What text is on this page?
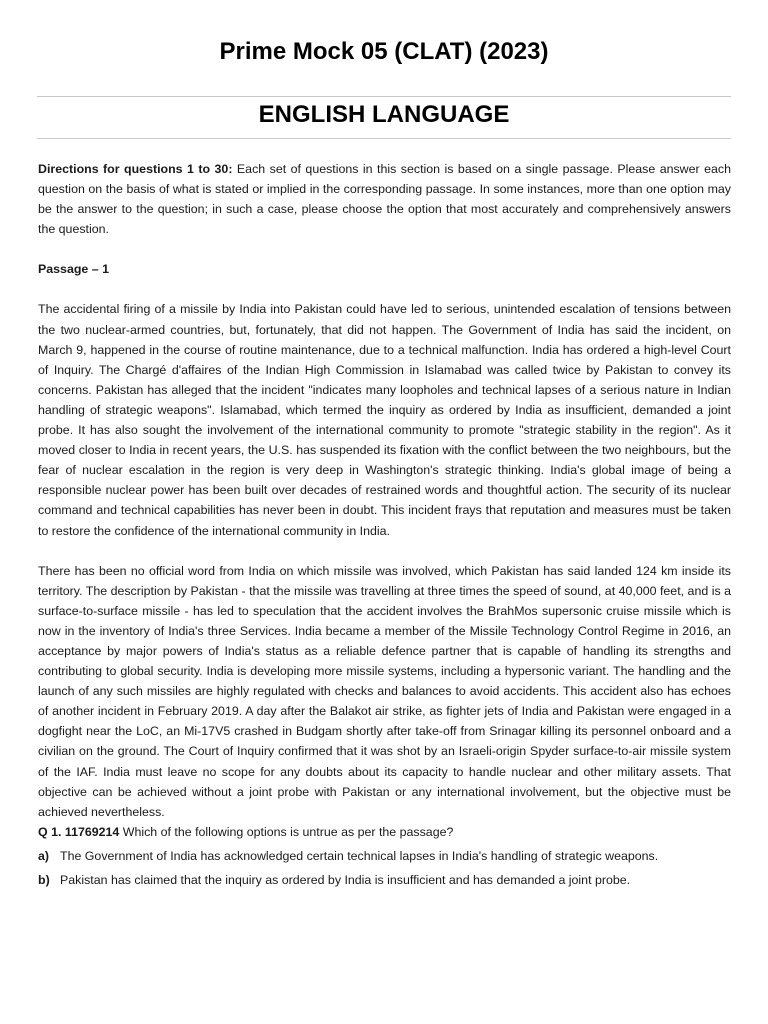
Prime Mock 05 (CLAT) (2023)
ENGLISH LANGUAGE

Directions for questions 1 to 30: Each set of questions in this section is based on a single passage. Please answer each question on the basis of what is stated or implied in the corresponding passage. In some instances, more than one option may be the answer to the question; in such a case, please choose the option that most accurately and comprehensively answers the question.

Passage – 1

The accidental firing of a missile by India into Pakistan could have led to serious, unintended escalation of tensions between the two nuclear-armed countries, but, fortunately, that did not happen. The Government of India has said the incident, on March 9, happened in the course of routine maintenance, due to a technical malfunction. India has ordered a high-level Court of Inquiry. The Chargé d'affaires of the Indian High Commission in Islamabad was called twice by Pakistan to convey its concerns. Pakistan has alleged that the incident "indicates many loopholes and technical lapses of a serious nature in Indian handling of strategic weapons". Islamabad, which termed the inquiry as ordered by India as insufficient, demanded a joint probe. It has also sought the involvement of the international community to promote "strategic stability in the region". As it moved closer to India in recent years, the U.S. has suspended its fixation with the conflict between the two neighbours, but the fear of nuclear escalation in the region is very deep in Washington's strategic thinking. India's global image of being a responsible nuclear power has been built over decades of restrained words and thoughtful action. The security of its nuclear command and technical capabilities has never been in doubt. This incident frays that reputation and measures must be taken to restore the confidence of the international community in India.

There has been no official word from India on which missile was involved, which Pakistan has said landed 124 km inside its territory. The description by Pakistan - that the missile was travelling at three times the speed of sound, at 40,000 feet, and is a surface-to-surface missile - has led to speculation that the accident involves the BrahMos supersonic cruise missile which is now in the inventory of India's three Services. India became a member of the Missile Technology Control Regime in 2016, an acceptance by major powers of India's status as a reliable defence partner that is capable of handling its strengths and contributing to global security. India is developing more missile systems, including a hypersonic variant. The handling and the launch of any such missiles are highly regulated with checks and balances to avoid accidents. This accident also has echoes of another incident in February 2019. A day after the Balakot air strike, as fighter jets of India and Pakistan were engaged in a dogfight near the LoC, an Mi-17V5 crashed in Budgam shortly after take-off from Srinagar killing its personnel onboard and a civilian on the ground. The Court of Inquiry confirmed that it was shot by an Israeli-origin Spyder surface-to-air missile system of the IAF. India must leave no scope for any doubts about its capacity to handle nuclear and other military assets. That objective can be achieved without a joint probe with Pakistan or any international involvement, but the objective must be achieved nevertheless.

Q 1. 11769214 Which of the following options is untrue as per the passage?

a) The Government of India has acknowledged certain technical lapses in India's handling of strategic weapons.
b) Pakistan has claimed that the inquiry as ordered by India is insufficient and has demanded a joint probe.
